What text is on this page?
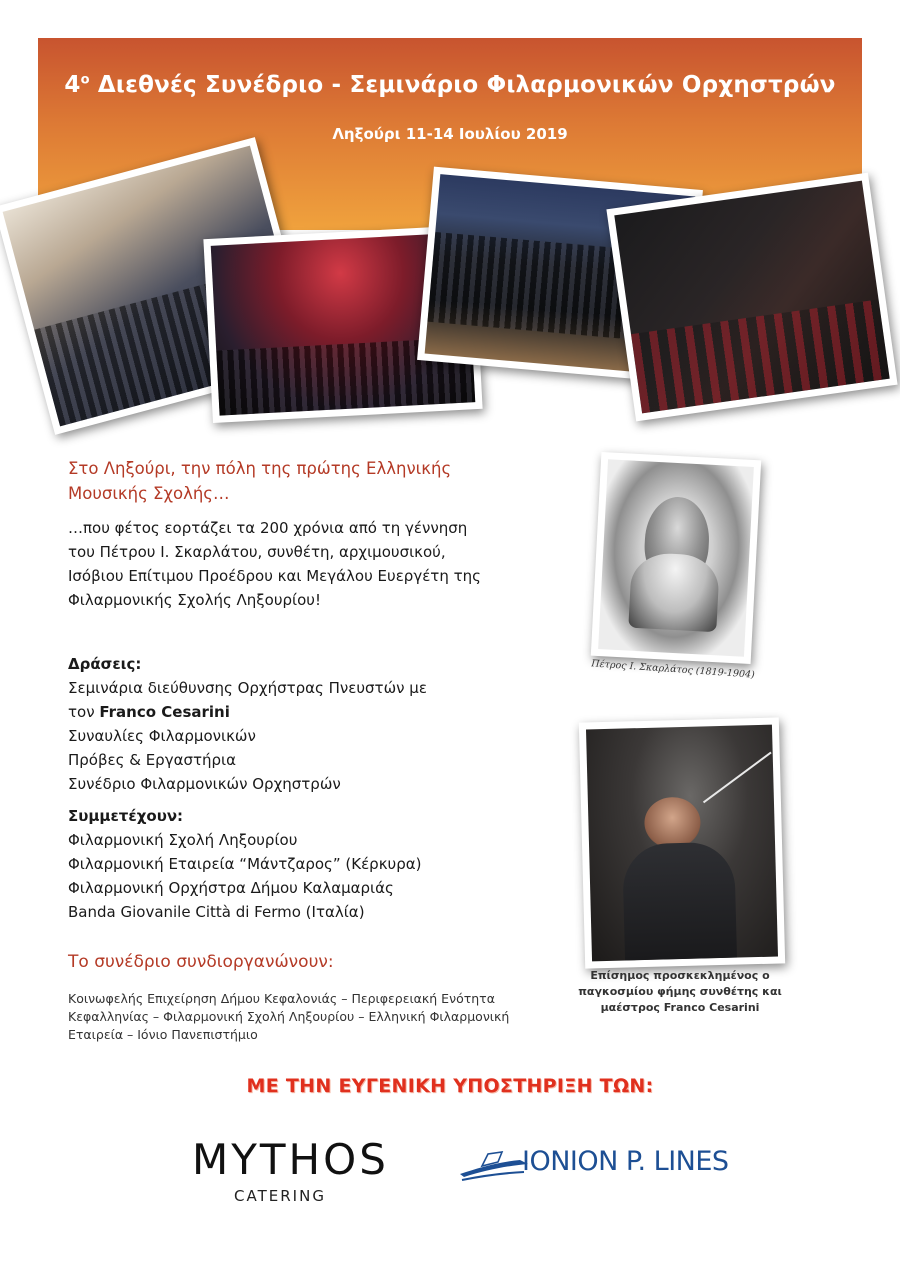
$4^o$ Διεθνές Συνέδριο - Σεμινάριο Φιλαρμονικών Ορχηστρών
Ληξούρι 11-14 Ιουλίου 2019
Στο Ληξούρι, την πόλη της πρώτης Ελληνικής Μουσικής Σχολής…
…που φέτος εορτάζει τα 200 χρόνια από τη γέννηση του Πέτρου Ι. Σκαρλάτου, συνθέτη, αρχιμουσικού, Ισόβιου Επίτιμου Προέδρου και Μεγάλου Ευεργέτη της Φιλαρμονικής Σχολής Ληξουρίου!
Δράσεις:
Σεμινάρια διεύθυνσης Ορχήστρας Πνευστών με
τον Franco Cesarini
Συναυλίες Φιλαρμονικών
Πρόβες & Εργαστήρια
Συνέδριο Φιλαρμονικών Ορχηστρών
Συμμετέχουν:
Φιλαρμονική Σχολή Ληξουρίου
Φιλαρμονική Εταιρεία “Μάντζαρος” (Κέρκυρα)
Φιλαρμονική Ορχήστρα Δήμου Καλαμαριάς
Banda Giovanile Città di Fermo (Ιταλία)
Το συνέδριο συνδιοργανώνουν:
Κοινωφελής Επιχείρηση Δήμου Κεφαλονιάς – Περιφερειακή Ενότητα Κεφαλληνίας – Φιλαρμονική Σχολή Ληξουρίου – Ελληνική Φιλαρμονική Εταιρεία – Ιόνιο Πανεπιστήμιο
Πέτρος Ι. Σκαρλάτος (1819-1904)
Επίσημος προσκεκλημένος ο παγκοσμίου φήμης συνθέτης και μαέστρος Franco Cesarini
ΜΕ ΤΗΝ ΕΥΓΕΝΙΚΗ ΥΠΟΣΤΗΡΙΞΗ ΤΩΝ:
MYTHOS
CATERING
IONION P. LINES
